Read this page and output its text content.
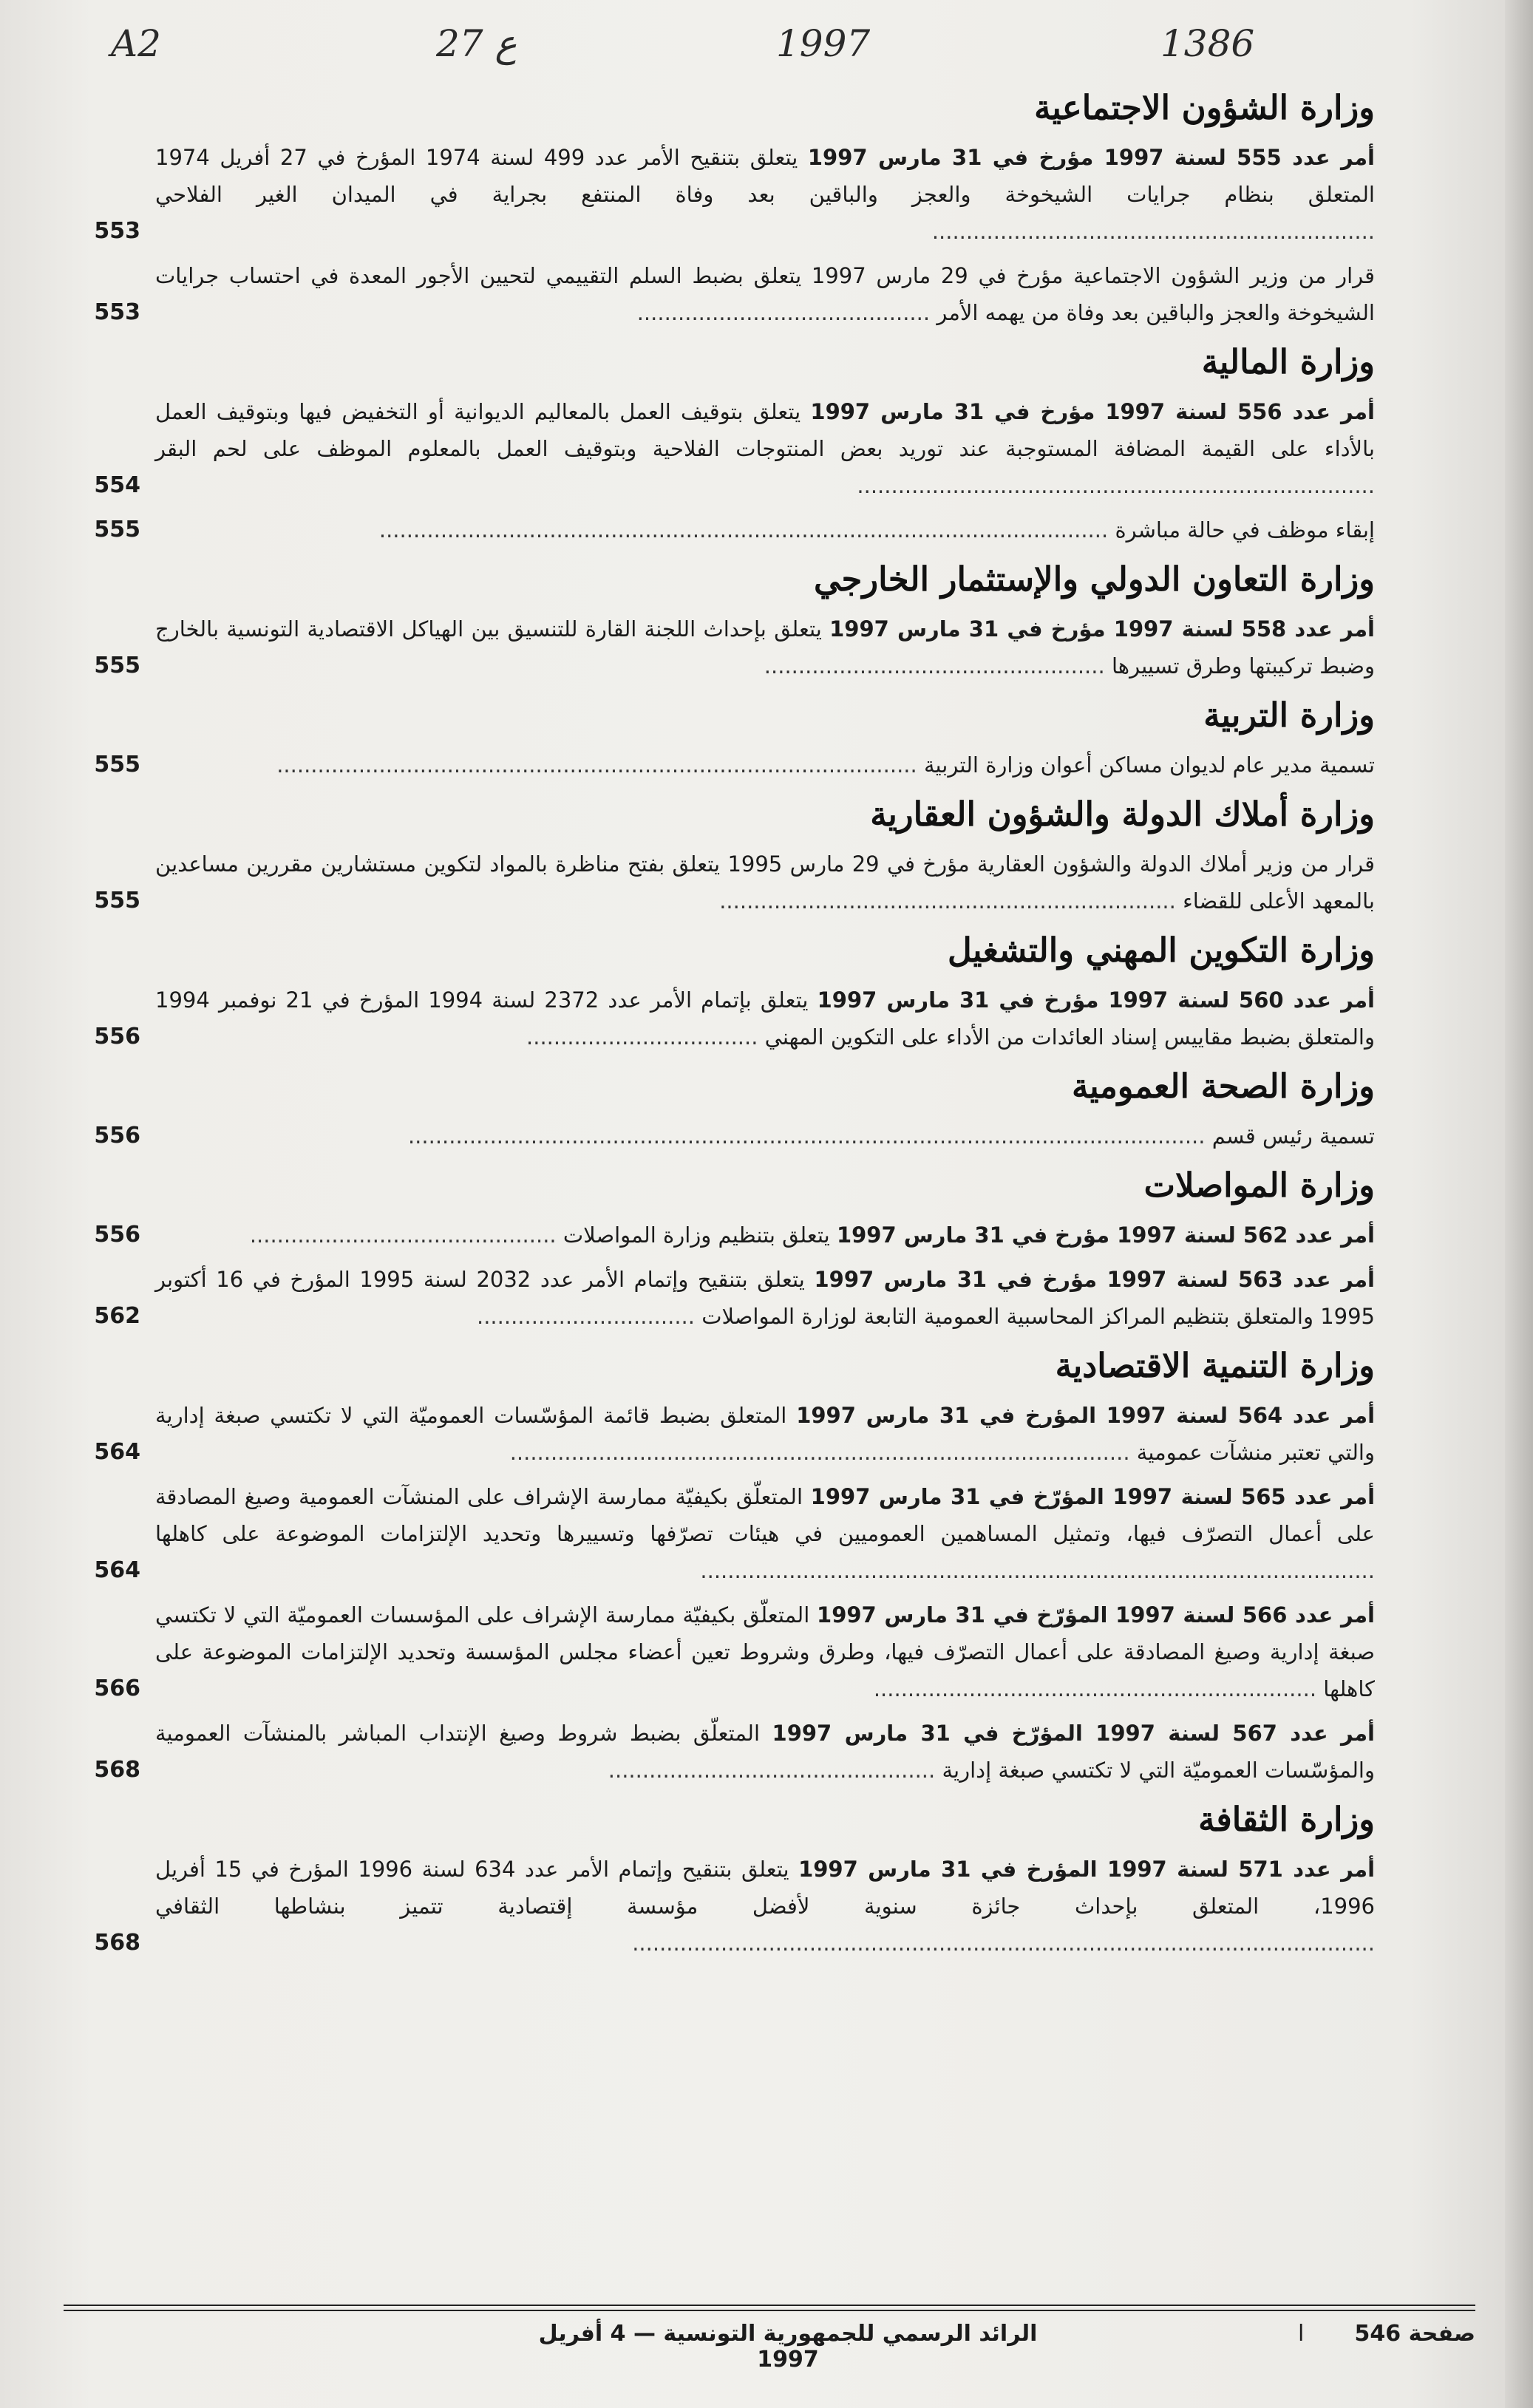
A2	27 ع	1997	1386
وزارة الشؤون الاجتماعية
أمر عدد 555 لسنة 1997 مؤرخ في 31 مارس 1997 يتعلق بتنقيح الأمر عدد 499 لسنة 1974 المؤرخ في 27 أفريل 1974 المتعلق بنظام جرايات الشيخوخة والعجز والباقين بعد وفاة المنتفع بجراية في الميدان الغير الفلاحي .................................................................
553
قرار من وزير الشؤون الاجتماعية مؤرخ في 29 مارس 1997 يتعلق بضبط السلم التقييمي لتحيين الأجور المعدة في احتساب جرايات الشيخوخة والعجز والباقين بعد وفاة من يهمه الأمر ...........................................
553
وزارة المالية
أمر عدد 556 لسنة 1997 مؤرخ في 31 مارس 1997 يتعلق بتوقيف العمل بالمعاليم الديوانية أو التخفيض فيها وبتوقيف العمل بالأداء على القيمة المضافة المستوجبة عند توريد بعض المنتوجات الفلاحية وبتوقيف العمل بالمعلوم الموظف على لحم البقر ............................................................................
554
إبقاء موظف في حالة مباشرة ...........................................................................................................
555
وزارة التعاون الدولي والإستثمار الخارجي
أمر عدد 558 لسنة 1997 مؤرخ في 31 مارس 1997 يتعلق بإحداث اللجنة القارة للتنسيق بين الهياكل الاقتصادية التونسية بالخارج وضبط تركيبتها وطرق تسييرها ..................................................
555
وزارة التربية
تسمية مدير عام لديوان مساكن أعوان وزارة التربية ..............................................................................................
555
وزارة أملاك الدولة والشؤون العقارية
قرار من وزير أملاك الدولة والشؤون العقارية مؤرخ في 29 مارس 1995 يتعلق بفتح مناظرة بالمواد لتكوين مستشارين مقررين مساعدين بالمعهد الأعلى للقضاء ...................................................................
555
وزارة التكوين المهني والتشغيل
أمر عدد 560 لسنة 1997 مؤرخ في 31 مارس 1997 يتعلق بإتمام الأمر عدد 2372 لسنة 1994 المؤرخ في 21 نوفمبر 1994 والمتعلق بضبط مقاييس إسناد العائدات من الأداء على التكوين المهني ..................................
556
وزارة الصحة العمومية
تسمية رئيس قسم .....................................................................................................................
556
وزارة المواصلات
أمر عدد 562 لسنة 1997 مؤرخ في 31 مارس 1997 يتعلق بتنظيم وزارة المواصلات .............................................
556
أمر عدد 563 لسنة 1997 مؤرخ في 31 مارس 1997 يتعلق بتنقيح وإتمام الأمر عدد 2032 لسنة 1995 المؤرخ في 16 أكتوبر 1995 والمتعلق بتنظيم المراكز المحاسبية العمومية التابعة لوزارة المواصلات ................................
562
وزارة التنمية الاقتصادية
أمر عدد 564 لسنة 1997 المؤرخ في 31 مارس 1997 المتعلق بضبط قائمة المؤسّسات العموميّة التي لا تكتسي صبغة إدارية والتي تعتبر منشآت عمومية ...........................................................................................
564
أمر عدد 565 لسنة 1997 المؤرّخ في 31 مارس 1997 المتعلّق بكيفيّة ممارسة الإشراف على المنشآت العمومية وصيغ المصادقة على أعمال التصرّف فيها، وتمثيل المساهمين العموميين في هيئات تصرّفها وتسييرها وتحديد الإلتزامات الموضوعة على كاهلها ...................................................................................................
564
أمر عدد 566 لسنة 1997 المؤرّخ في 31 مارس 1997 المتعلّق بكيفيّة ممارسة الإشراف على المؤسسات العموميّة التي لا تكتسي صبغة إدارية وصيغ المصادقة على أعمال التصرّف فيها، وطرق وشروط تعين أعضاء مجلس المؤسسة وتحديد الإلتزامات الموضوعة على كاهلها .................................................................
566
أمر عدد 567 لسنة 1997 المؤرّخ في 31 مارس 1997 المتعلّق بضبط شروط وصيغ الإنتداب المباشر بالمنشآت العمومية والمؤسّسات العموميّة التي لا تكتسي صبغة إدارية ................................................
568
وزارة الثقافة
أمر عدد 571 لسنة 1997 المؤرخ في 31 مارس 1997 يتعلق بتنقيح وإتمام الأمر عدد 634 لسنة 1996 المؤرخ في 15 أفريل 1996، المتعلق بإحداث جائزة سنوية لأفضل مؤسسة إقتصادية تتميز بنشاطها الثقافي .............................................................................................................
568
صفحة 546
ا
الرائد الرسمي للجمهورية التونسية — 4 أفريل 1997
